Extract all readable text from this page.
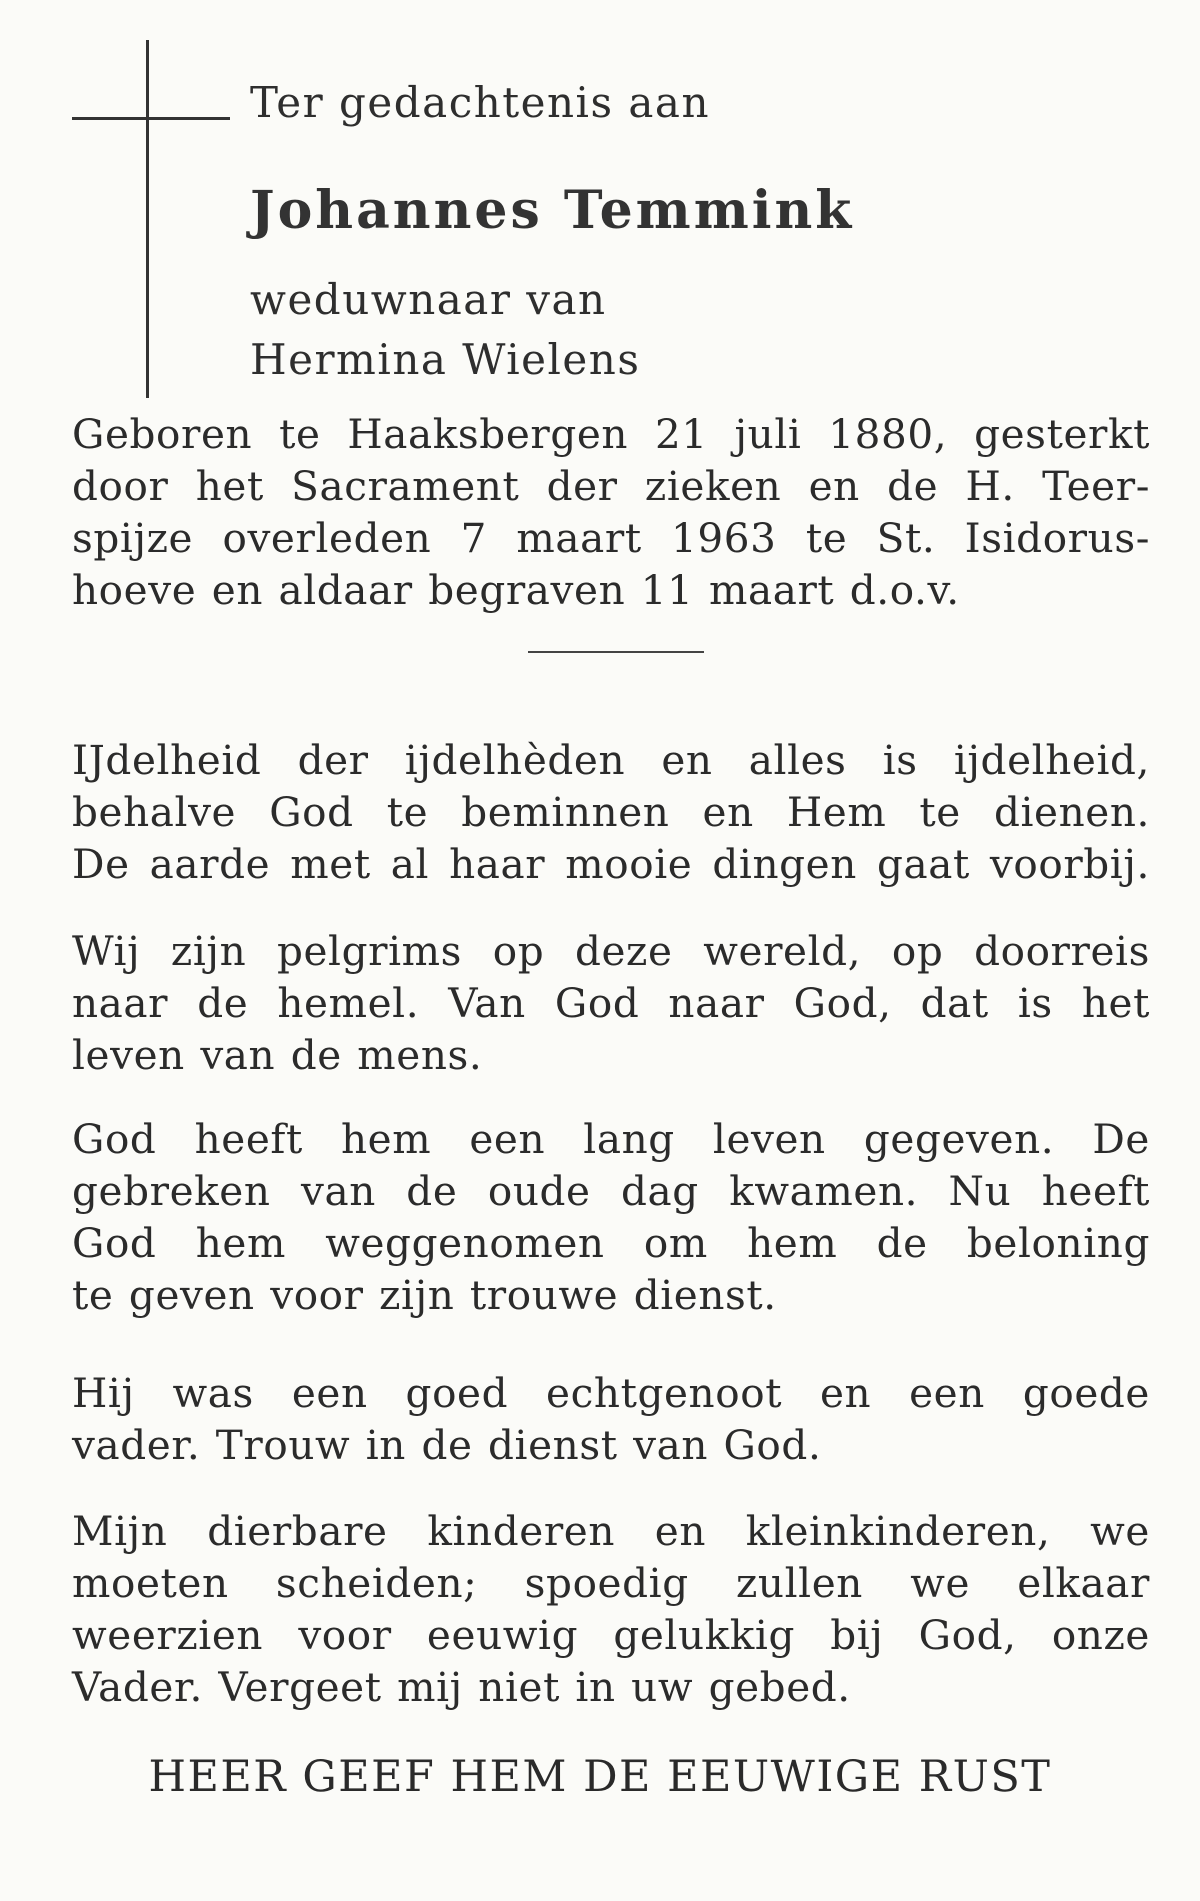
Ter gedachtenis aan
Johannes Temmink
weduwnaar van
Hermina Wielens
Geboren te Haaksbergen 21 juli 1880, gesterkt
door het Sacrament der zieken en de H. Teer-
spijze overleden 7 maart 1963 te St. Isidorus-
hoeve en aldaar begraven 11 maart d.o.v.
IJdelheid der ijdelhèden en alles is ijdelheid,
behalve God te beminnen en Hem te dienen.
De aarde met al haar mooie dingen gaat voorbij.
Wij zijn pelgrims op deze wereld, op doorreis
naar de hemel. Van God naar God, dat is het
leven van de mens.
God heeft hem een lang leven gegeven. De
gebreken van de oude dag kwamen. Nu heeft
God hem weggenomen om hem de beloning
te geven voor zijn trouwe dienst.
Hij was een goed echtgenoot en een goede
vader. Trouw in de dienst van God.
Mijn dierbare kinderen en kleinkinderen, we
moeten scheiden; spoedig zullen we elkaar
weerzien voor eeuwig gelukkig bij God, onze
Vader. Vergeet mij niet in uw gebed.
HEER GEEF HEM DE EEUWIGE RUST
